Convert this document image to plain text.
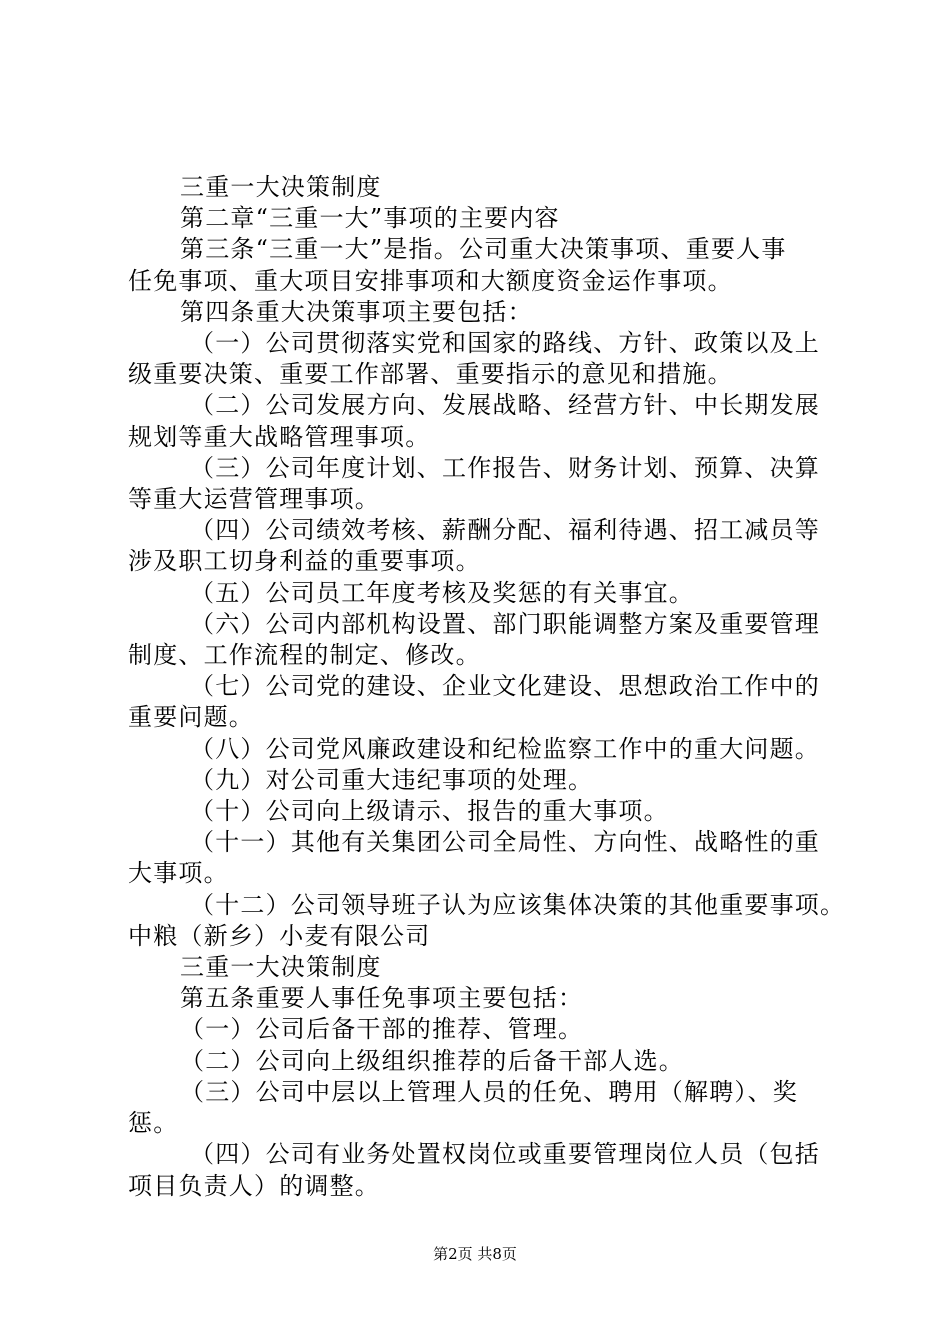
三重一大决策制度
第二章“三重一大”事项的主要内容
第三条“三重一大”是指。公司重大决策事项、重要人事
任免事项、重大项目安排事项和大额度资金运作事项。
第四条重大决策事项主要包括：
（一）公司贯彻落实党和国家的路线、方针、政策以及上
级重要决策、重要工作部署、重要指示的意见和措施。
（二）公司发展方向、发展战略、经营方针、中长期发展
规划等重大战略管理事项。
（三）公司年度计划、工作报告、财务计划、预算、决算
等重大运营管理事项。
（四）公司绩效考核、薪酬分配、福利待遇、招工减员等
涉及职工切身利益的重要事项。
（五）公司员工年度考核及奖惩的有关事宜。
（六）公司内部机构设置、部门职能调整方案及重要管理
制度、工作流程的制定、修改。
（七）公司党的建设、企业文化建设、思想政治工作中的
重要问题。
（八）公司党风廉政建设和纪检监察工作中的重大问题。
（九）对公司重大违纪事项的处理。
（十）公司向上级请示、报告的重大事项。
（十一）其他有关集团公司全局性、方向性、战略性的重
大事项。
（十二）公司领导班子认为应该集体决策的其他重要事项。
中粮（新乡）小麦有限公司
三重一大决策制度
第五条重要人事任免事项主要包括：
（一）公司后备干部的推荐、管理。
（二）公司向上级组织推荐的后备干部人选。
（三）公司中层以上管理人员的任免、聘用（解聘）、奖
惩。
（四）公司有业务处置权岗位或重要管理岗位人员（包括
项目负责人）的调整。
第2页 共8页
